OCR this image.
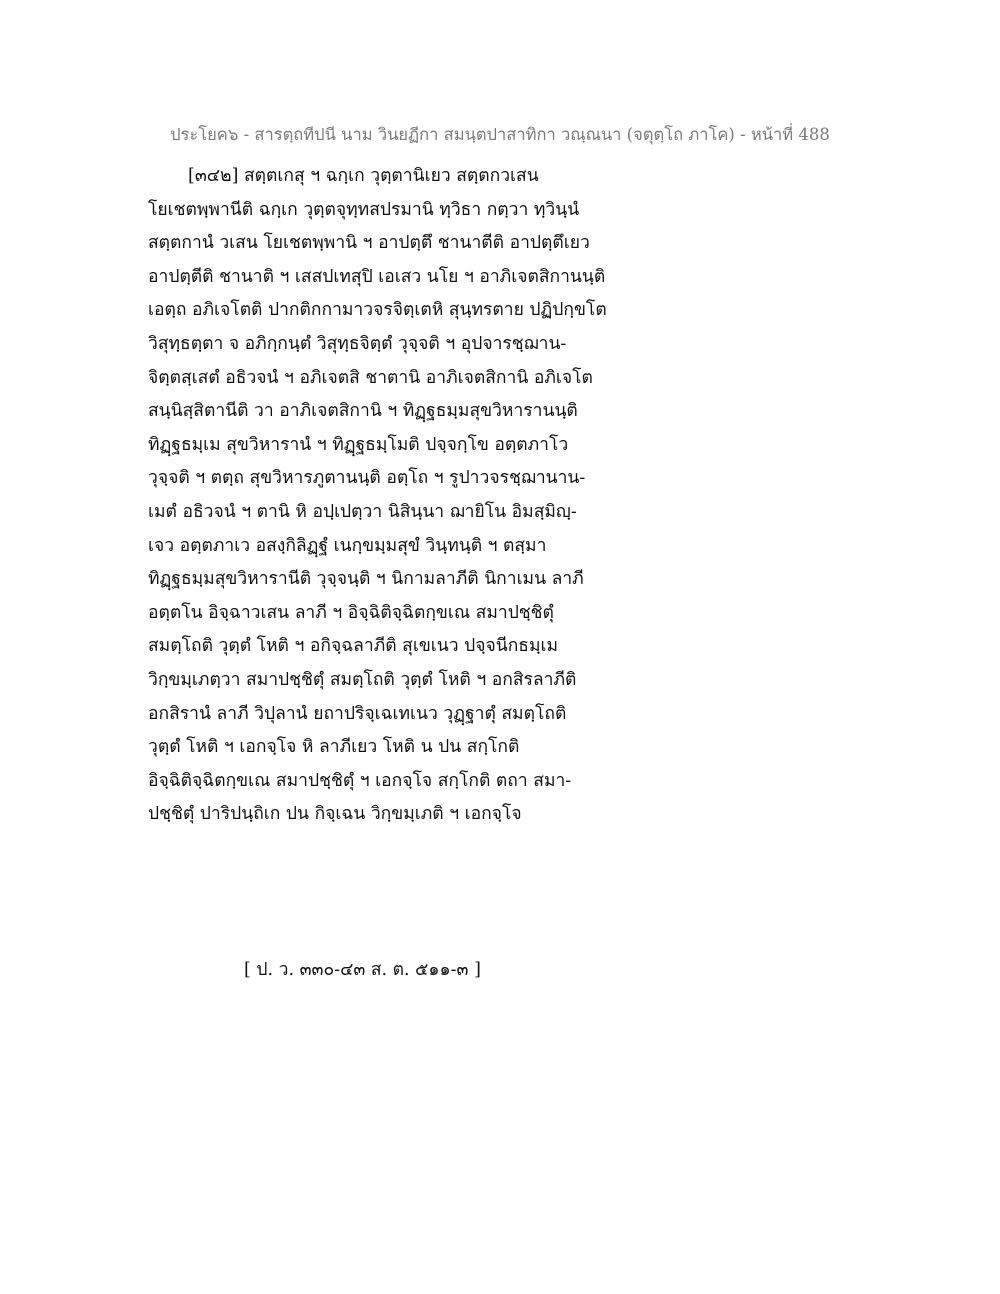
ประโยค๖ - สารตฺถทีปนี นาม วินยฏีกา สมนฺตปาสาทิกา วณฺณนา (จตุตฺโถ ภาโค) - หน้าที่ 488
[๓๔๒] สตฺตเกสุ ฯ ฉกฺเก วุตฺตานิเยว สตฺตกวเสน
โยเชตพฺพานีติ ฉกฺเก วุตฺตจุทฺทสปรมานิ ทฺวิธา กตฺวา ทฺวินฺนํ
สตฺตกานํ วเสน โยเชตพฺพานิ ฯ อาปตฺตึ ชานาตีติ อาปตฺตึเยว
อาปตฺตีติ ชานาติ ฯ เสสปเทสุปิ เอเสว นโย ฯ อาภิเจตสิกานนฺติ
เอตฺถ อภิเจโตติ ปากติกกามาวจรจิตฺเตหิ สุนฺทรตาย ปฏิปกฺขโต
วิสุทฺธตฺตา จ อภิกฺกนฺตํ วิสุทฺธจิตฺตํ วุจฺจติ ฯ อุปจารชฺฌาน-
จิตฺตสฺเสตํ อธิวจนํ ฯ อภิเจตสิ ชาตานิ อาภิเจตสิกานิ อภิเจโต
สนฺนิสฺสิตานีติ วา อาภิเจตสิกานิ ฯ ทิฏฺฐธมฺมสุขวิหารานนฺติ
ทิฏฺฐธมฺเม สุขวิหารานํ ฯ ทิฏฺฐธมฺโมติ ปจฺจกฺโข อตฺตภาโว
วุจฺจติ ฯ ตตฺถ สุขวิหารภูตานนฺติ อตฺโถ ฯ รูปาวจรชฺฌานาน-
เมตํ อธิวจนํ ฯ ตานิ หิ อปฺเปตฺวา นิสินฺนา ฌายิโน อิมสฺมิญฺ-
เจว อตฺตภาเว อสงฺกิลิฏฺฐํ เนกฺขมฺมสุขํ วินฺทนฺติ ฯ ตสฺมา
ทิฏฺฐธมฺมสุขวิหารานีติ วุจฺจนฺติ ฯ นิกามลาภีติ นิกาเมน ลาภี
อตฺตโน อิจฺฉาวเสน ลาภี ฯ อิจฺฉิติจฺฉิตกฺขเณ สมาปชฺชิตุํ
สมตฺโถติ วุตฺตํ โหติ ฯ อกิจฺฉลาภีติ สุเขเนว ปจฺจนีกธมฺเม
วิกฺขมฺเภตฺวา สมาปชฺชิตุํ สมตฺโถติ วุตฺตํ โหติ ฯ อกสิรลาภีติ
อกสิรานํ ลาภี วิปุลานํ ยถาปริจฺเฉเทเนว วุฏฺฐาตุํ สมตฺโถติ
วุตฺตํ โหติ ฯ เอกจฺโจ หิ ลาภีเยว โหติ น ปน สกฺโกติ
อิจฺฉิติจฺฉิตกฺขเณ สมาปชฺชิตุํ ฯ เอกจฺโจ สกฺโกติ ตถา สมา-
ปชฺชิตุํ ปาริปนฺถิเก ปน กิจฺเฉน วิกฺขมฺเภติ ฯ เอกจฺโจ
[ ป. ว. ๓๓๐-๔๓ ส. ต. ๕๑๑-๓ ]
